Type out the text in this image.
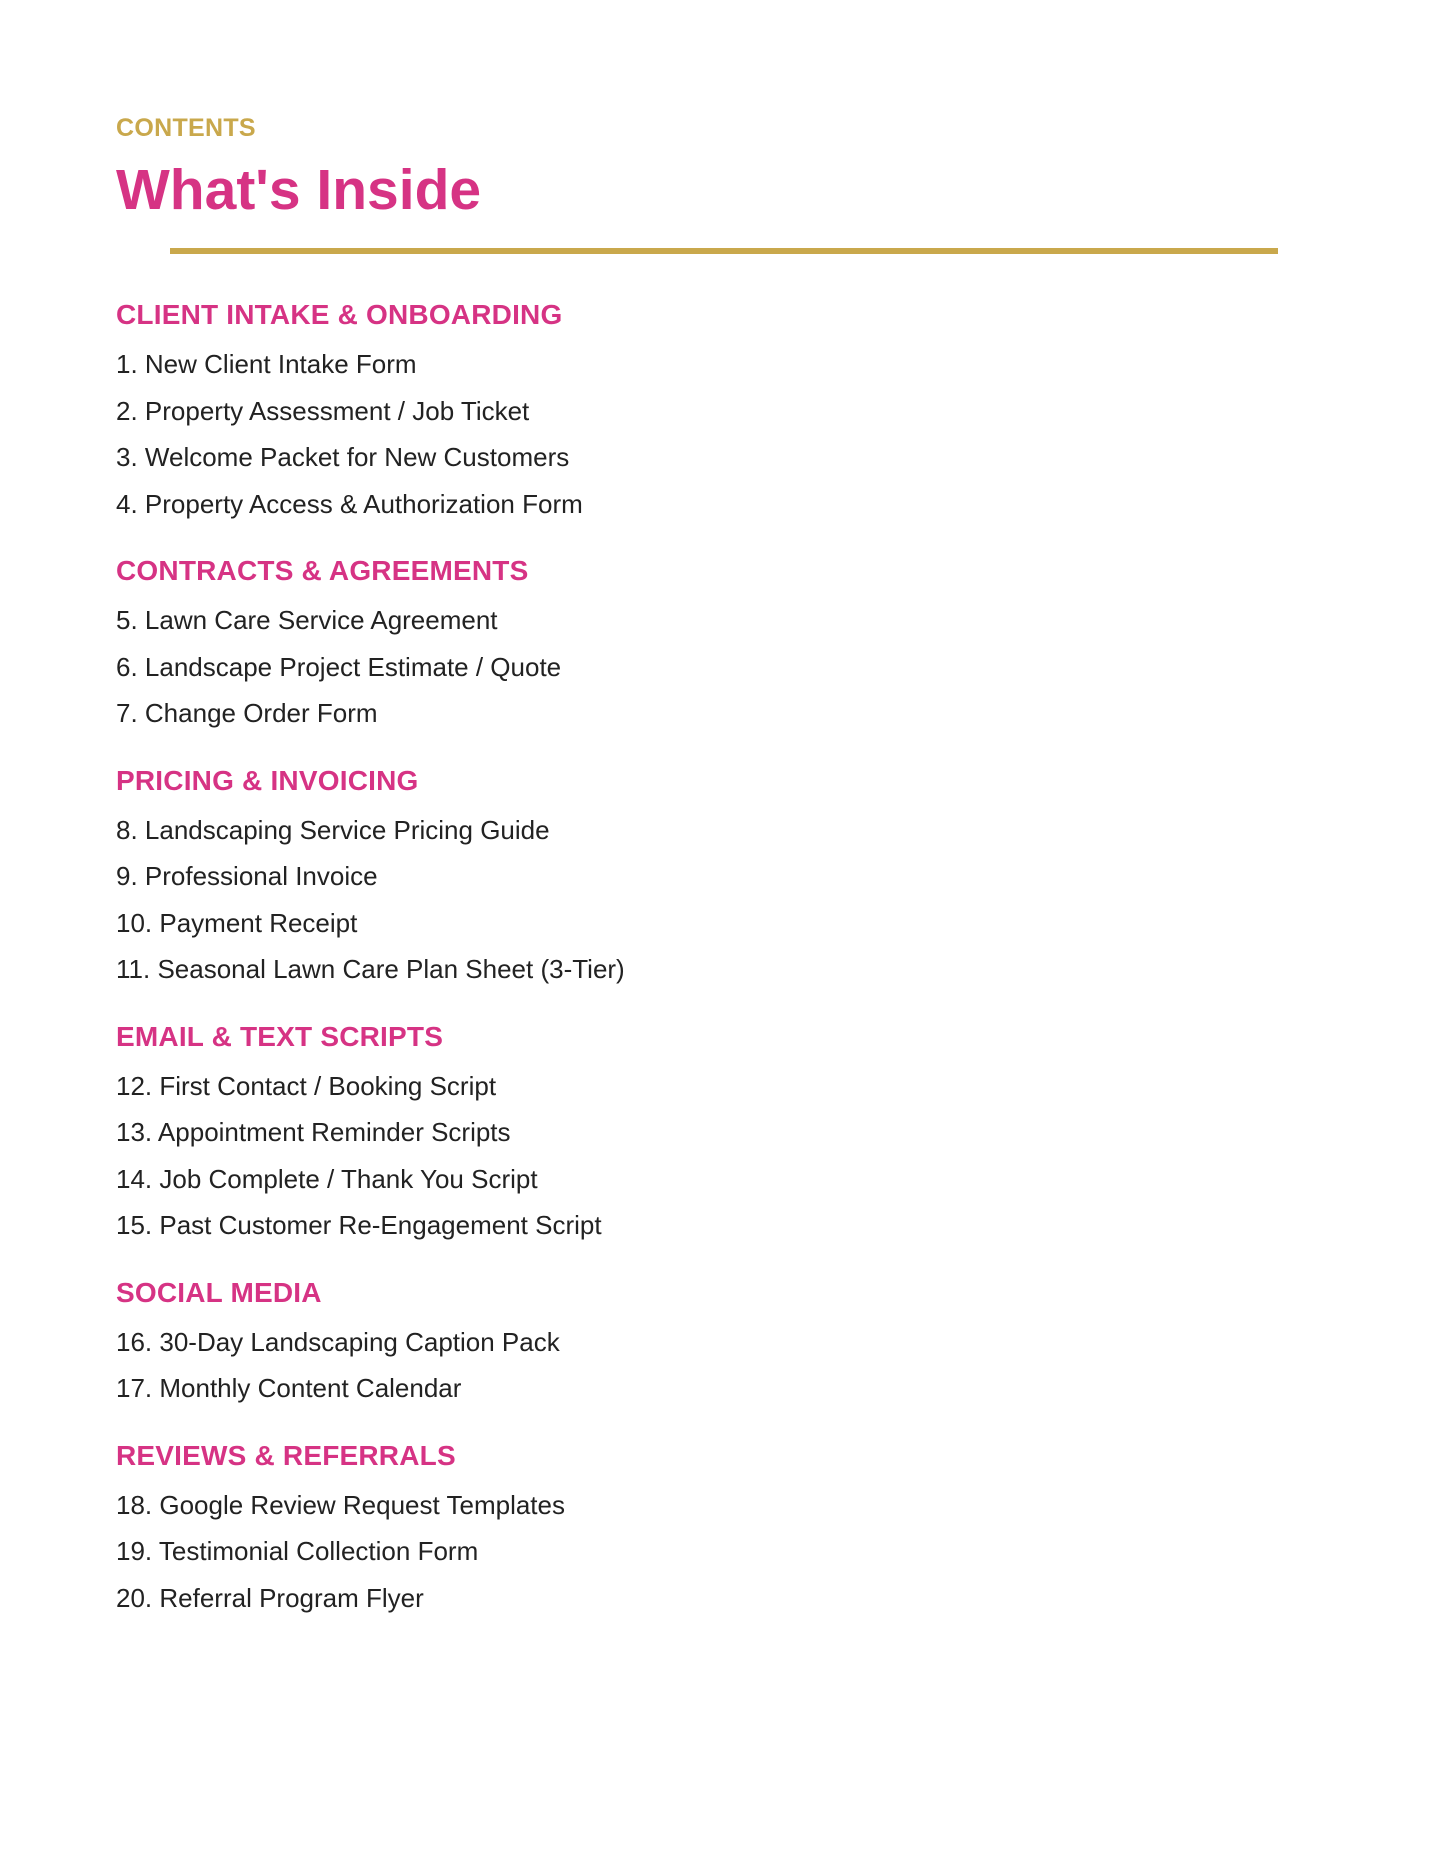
CONTENTS

What's Inside
CLIENT INTAKE & ONBOARDING

1. New Client Intake Form

2. Property Assessment / Job Ticket

3. Welcome Packet for New Customers

4. Property Access & Authorization Form

CONTRACTS & AGREEMENTS

5. Lawn Care Service Agreement

6. Landscape Project Estimate / Quote

7. Change Order Form

PRICING & INVOICING

8. Landscaping Service Pricing Guide

9. Professional Invoice

10. Payment Receipt

11. Seasonal Lawn Care Plan Sheet (3-Tier)

EMAIL & TEXT SCRIPTS

12. First Contact / Booking Script

13. Appointment Reminder Scripts

14. Job Complete / Thank You Script

15. Past Customer Re-Engagement Script

SOCIAL MEDIA

16. 30-Day Landscaping Caption Pack

17. Monthly Content Calendar

REVIEWS & REFERRALS

18. Google Review Request Templates

19. Testimonial Collection Form

20. Referral Program Flyer
